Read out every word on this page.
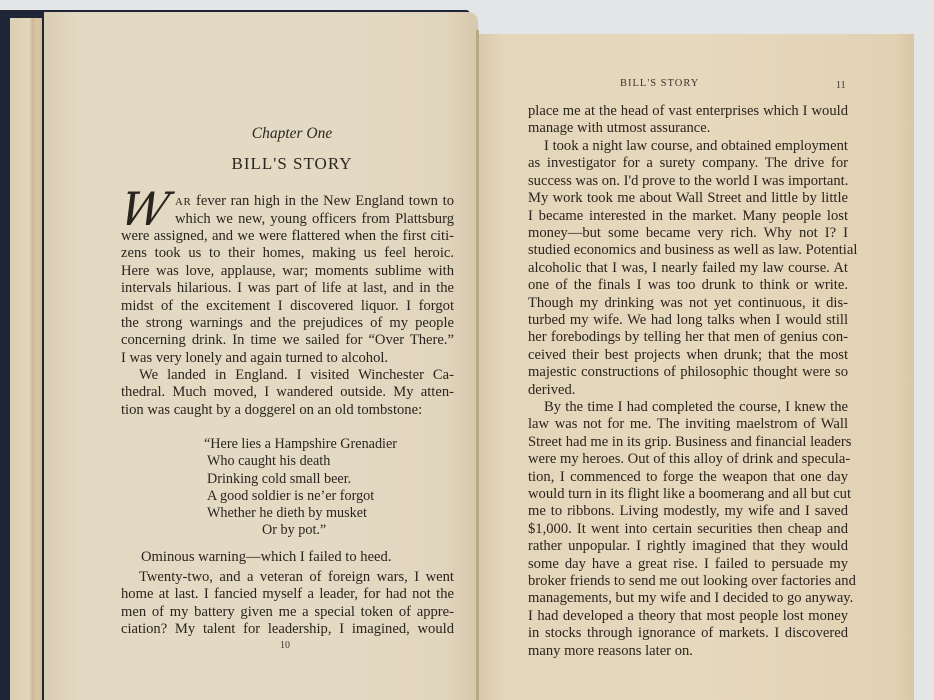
Chapter One
BILL'S STORY
W AR fever ran high in the New England town to
which we new, young officers from Plattsburg
were assigned, and we were flattered when the first citi-
zens took us to their homes, making us feel heroic.
Here was love, applause, war; moments sublime with
intervals hilarious. I was part of life at last, and in the
midst of the excitement I discovered liquor. I forgot
the strong warnings and the prejudices of my people
concerning drink. In time we sailed for “Over There.”
I was very lonely and again turned to alcohol.
We landed in England. I visited Winchester Ca-
thedral. Much moved, I wandered outside. My atten-
tion was caught by a doggerel on an old tombstone:
“Here lies a Hampshire Grenadier
Who caught his death
Drinking cold small beer.
A good soldier is ne’er forgot
Whether he dieth by musket
Or by pot.”
Ominous warning—which I failed to heed.
Twenty-two, and a veteran of foreign wars, I went
home at last. I fancied myself a leader, for had not the
men of my battery given me a special token of appre-
ciation? My talent for leadership, I imagined, would
10
BILL'S STORY	11
place me at the head of vast enterprises which I would
manage with utmost assurance.
I took a night law course, and obtained employment
as investigator for a surety company. The drive for
success was on. I'd prove to the world I was important.
My work took me about Wall Street and little by little
I became interested in the market. Many people lost
money—but some became very rich. Why not I? I
studied economics and business as well as law. Potential
alcoholic that I was, I nearly failed my law course. At
one of the finals I was too drunk to think or write.
Though my drinking was not yet continuous, it dis-
turbed my wife. We had long talks when I would still
her forebodings by telling her that men of genius con-
ceived their best projects when drunk; that the most
majestic constructions of philosophic thought were so
derived.
By the time I had completed the course, I knew the
law was not for me. The inviting maelstrom of Wall
Street had me in its grip. Business and financial leaders
were my heroes. Out of this alloy of drink and specula-
tion, I commenced to forge the weapon that one day
would turn in its flight like a boomerang and all but cut
me to ribbons. Living modestly, my wife and I saved
$1,000. It went into certain securities then cheap and
rather unpopular. I rightly imagined that they would
some day have a great rise. I failed to persuade my
broker friends to send me out looking over factories and
managements, but my wife and I decided to go anyway.
I had developed a theory that most people lost money
in stocks through ignorance of markets. I discovered
many more reasons later on.
